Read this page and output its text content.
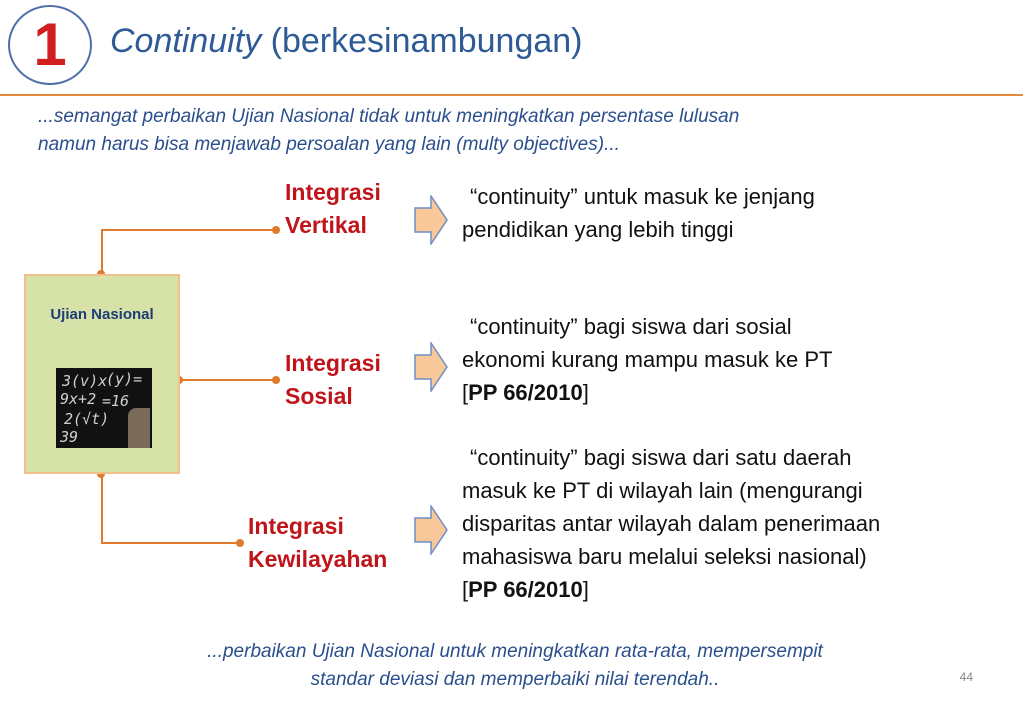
1 Continuity (berkesinambungan)
...semangat perbaikan Ujian Nasional tidak untuk meningkatkan persentase lulusan
namun harus bisa menjawab persoalan yang lain (multy objectives)...
Ujian Nasional
3(v)x
(y)=
9x+2 =16
2(√t)
39
Integrasi
Vertikal
Integrasi
Sosial
Integrasi
Kewilayahan
“continuity” untuk masuk ke jenjang
pendidikan yang lebih tinggi
“continuity” bagi siswa dari sosial
ekonomi kurang mampu masuk ke PT
[PP 66/2010]
“continuity” bagi siswa dari satu daerah
masuk ke PT di wilayah lain (mengurangi
disparitas antar wilayah dalam penerimaan
mahasiswa baru melalui seleksi nasional)
[PP 66/2010]
...perbaikan Ujian Nasional untuk meningkatkan rata-rata, mempersempit
standar deviasi dan memperbaiki nilai terendah..	44
